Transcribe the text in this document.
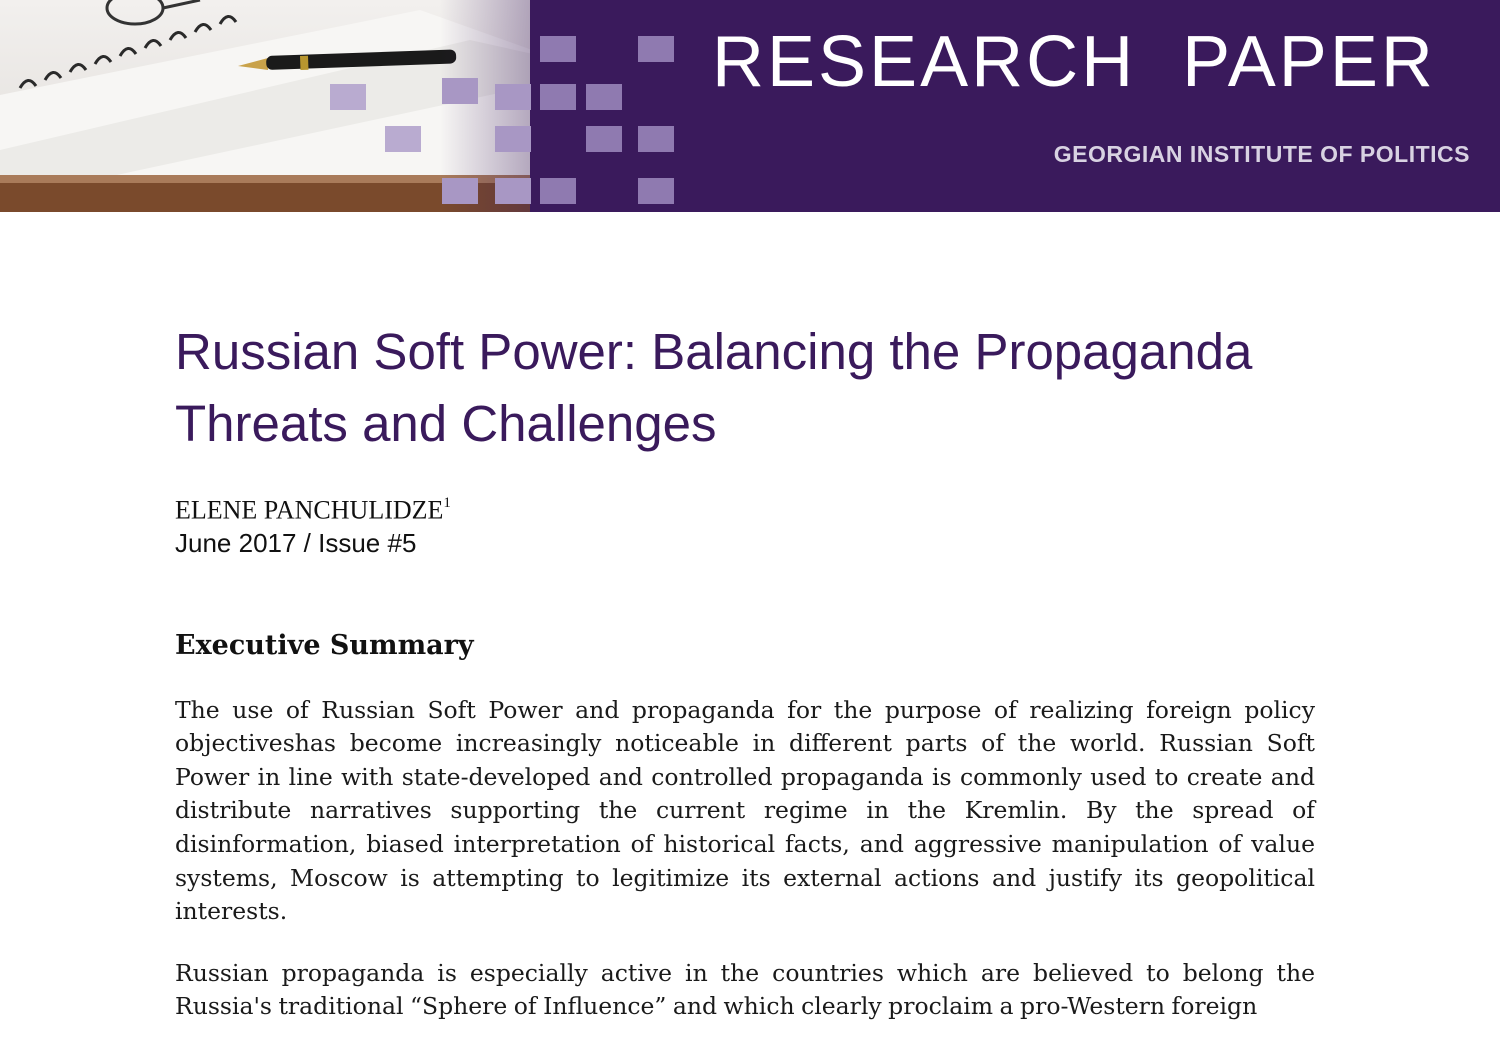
RESEARCH  PAPER
GEORGIAN INSTITUTE OF POLITICS
Russian Soft Power: Balancing the Propaganda Threats and Challenges
ELENE PANCHULIDZE$^1$
June 2017 / Issue #5
Executive Summary

The use of Russian Soft Power and propaganda for the purpose of realizing foreign policy objectiveshas become increasingly noticeable in different parts of the world. Russian Soft Power in line with state-developed and controlled propaganda is commonly used to create and distribute narratives supporting the current regime in the Kremlin. By the spread of disinformation, biased interpretation of historical facts, and aggressive manipulation of value systems, Moscow is attempting to legitimize its external actions and justify its geopolitical interests.

Russian propaganda is especially active in the countries which are believed to belong the Russia's traditional “Sphere of Influence” and which clearly proclaim a pro-Western foreign
